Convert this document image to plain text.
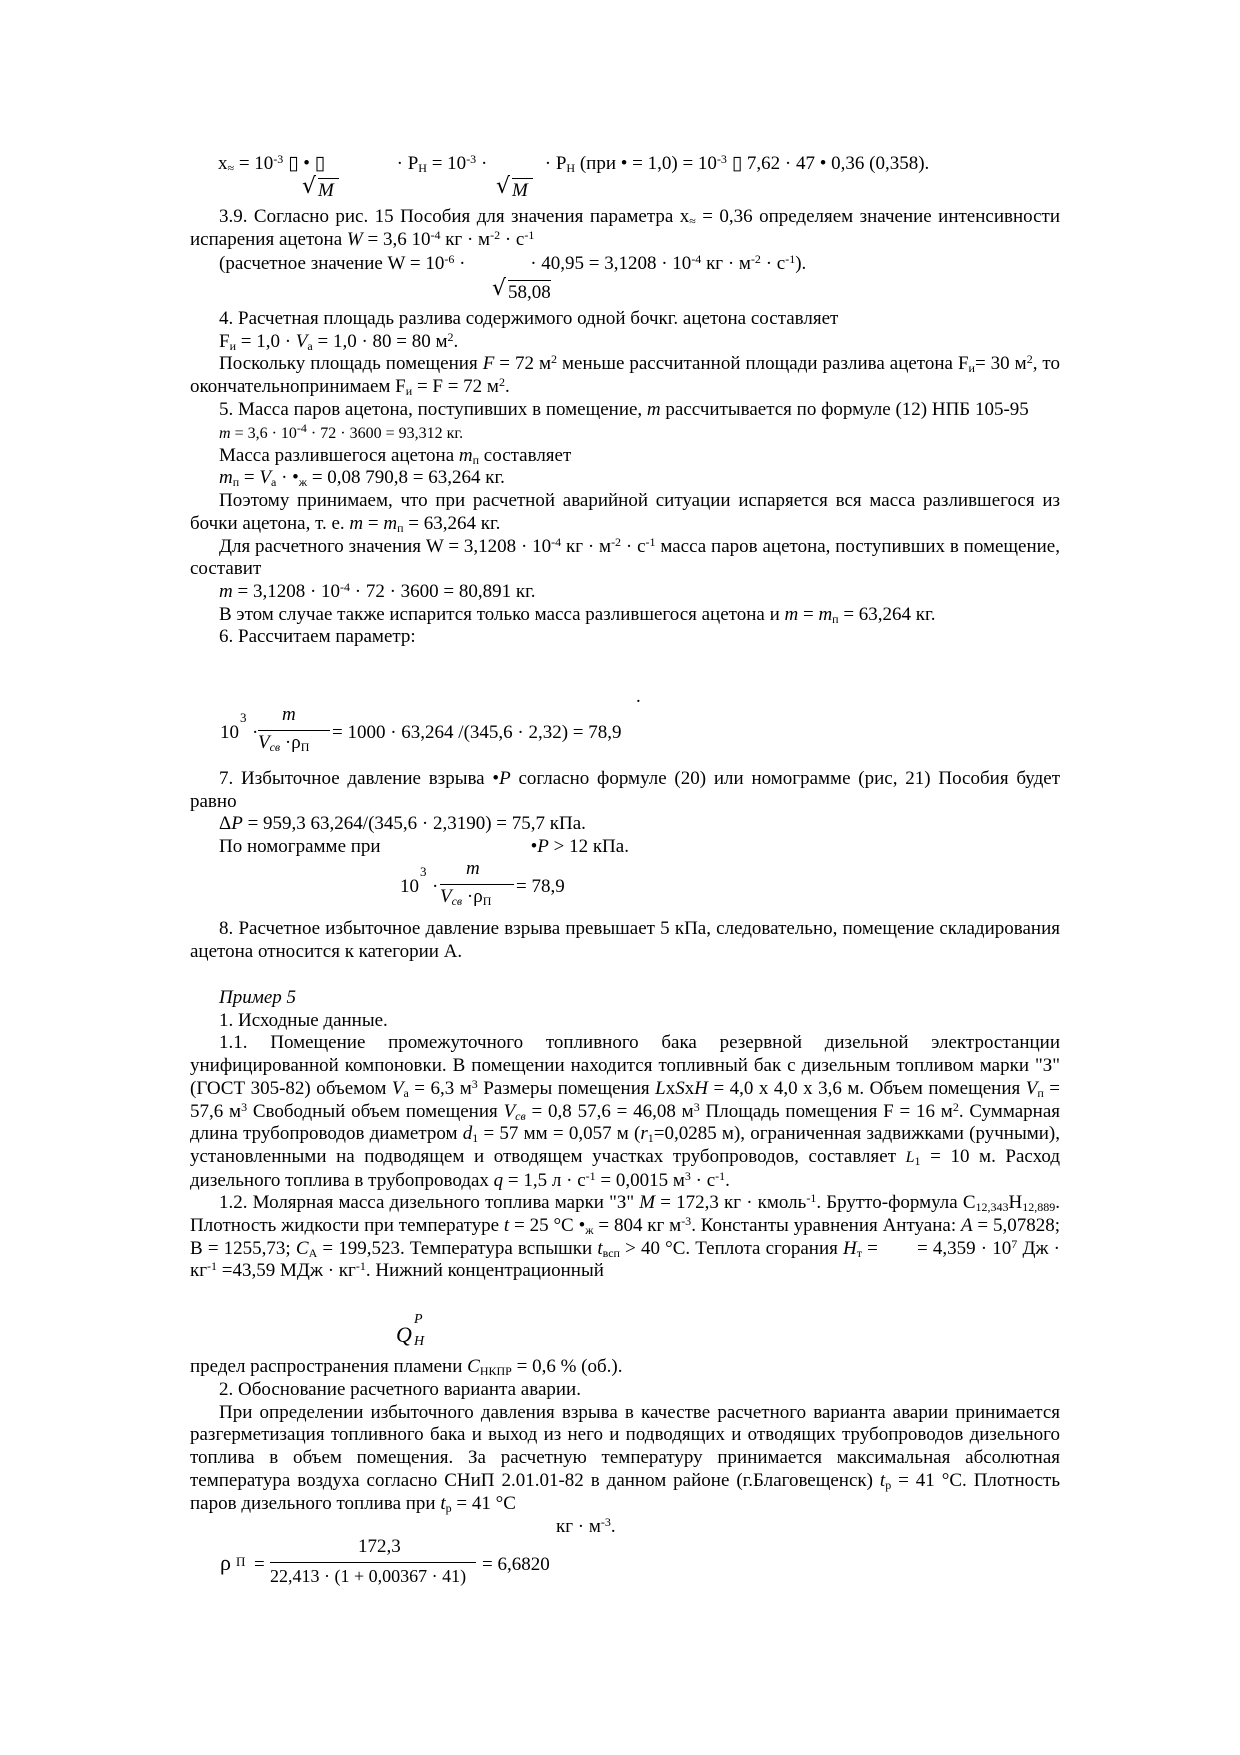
$x_\approx = 10^{-3}$ ▯ • ▯	· $P_Н = 10^{-3}$ ·	· $P_Н$ (при • = $1,0) = 10^{-3}$ ▯ 7,62 · 47 • 0,36 (0,358).
√ M	√ M
3.9. Согласно рис. 15 Пособия для значения параметра $x_\approx = 0,36$ определяем значение интенсивности испарения ацетона W = 3,6 $10^{-4}$ кг · $м^{-2} \cdot с^{-1}$
(расчетное значение $W = 10^{-6}$ ·	· $40,95 = 3,1208 \cdot 10^{-4}$ кг · $м^{-2} \cdot с^{-1}$).
√ 58,08

4. Расчетная площадь разлива содержимого одной бочкг. ацетона составляет

$F_и = 1,0 \cdot V_а = 1,0 \cdot 80 = 80$ $м^2$.

Поскольку площадь помещения F = 72 $м^2$ меньше рассчитанной площади разлива ацетона $F_и= 30$ $м^2$, то окончательнопринимаем $F_и = F = 72$ $м^2$.

5. Масса паров ацетона, поступивших в помещение, m рассчитывается по формуле (12) НПБ 105-95

$m = 3,6 \cdot 10^{-4} \cdot 72 \cdot 3600 = 93,312$ кг.

Масса разлившегося ацетона $m_п$ составляет

$m_п = V_а$ · $•_ж = 0,08$ 790,8 = 63,264 кг.

Поэтому принимаем, что при расчетной аварийной ситуации испаряется вся масса разлившегося из бочки ацетона, т. е. $m = m_п = 63,264$ кг.

Для расчетного значения $W = 3,1208 \cdot 10^{-4}$ кг · $м^{-2} \cdot с^{-1}$ масса паров ацетона, поступивших в помещение, составит

$m = 3,1208 \cdot 10^{-4} \cdot 72 \cdot 3600 = 80,891$ кг.

В этом случае также испарится только масса разлившегося ацетона и $m = m_п = 63,264$ кг.

6. Рассчитаем параметр:

.
10
3
·
m
$V_{св} \cdot\rho_П$
= 1000 · 63,264 /(345,6 · 2,32) = 78,9

7. Избыточное давление взрыва •P согласно формуле (20) или номограмме (рис, 21) Пособия будет равно

ΔP = 959,3 63,264/(345,6 · 2,3190) = 75,7 кПа.

По номограмме при	•P > 12 кПа.

10
3
·
m
$V_{св} \cdot\rho_П$
= 78,9

8. Расчетное избыточное давление взрыва превышает 5 кПа, следовательно, помещение складирования ацетона относится к категории А.

Пример 5

1. Исходные данные.

1.1. Помещение промежуточного топливного бака резервной дизельной электростанции унифицированной компоновки. В помещении находится топливный бак с дизельным топливом марки "З" (ГОСТ 305-82) объемом $V_а = 6,3$ $м^3$ Размеры помещения LxSxH = 4,0 х 4,0 х 3,6 м. Объем помещения $V_п = 57,6$ $м^3$ Свободный объем помещения $V_{св} = 0,8$ 57,6 = 46,08 $м^3$ Площадь помещения F = 16 $м^2$. Суммарная длина трубопроводов диаметром $d_1 = 57$ мм = 0,057 м ($r_1=0,0285$ м), ограниченная задвижками (ручными), установленными на подводящем и отводящем участках трубопроводов, составляет $L_1 = 10$ м. Расход дизельного топлива в трубопроводах q = 1,5 $л \cdot с^{-1} = 0,0015$ $м^3 \cdot с^{-1}$.

1.2. Молярная масса дизельного топлива марки "З" M = 172,3 кг · кмоль$^{-1}$. Брутто-формула $С_{12,343}Н_{12,889}$. Плотность жидкости при температуре t = 25 °С $•_ж = 804$ кг $м^{-3}$. Константы уравнения Антуана: A = 5,07828; В = 1255,73; $C_A = 199,523$. Температура вспышки $t_{всп} > 40$ °С. Теплота сгорания $H_т$ = = $4,359 \cdot 10^7$ Дж · $кг^{-1} =43,59$ МДж · $кг^{-1}$. Нижний концентрационный

Q
P
H

предел распространения пламени $C_{НКПР} = 0,6$ % (об.).

2. Обоснование расчетного варианта аварии.

При определении избыточного давления взрыва в качестве расчетного варианта аварии принимается разгерметизация топливного бака и выход из него и подводящих и отводящих трубопроводов дизельного топлива в объем помещения. За расчетную температуру принимается максимальная абсолютная температура воздуха согласно СНиП 2.01.01-82 в данном районе (г.Благовещенск) $t_р = 41$ °С. Плотность паров дизельного топлива при $t_р = 41$ °С

кг · $м^{-3}$.
ρ П =
172,3
22,413 · (1 + 0,00367 · 41)
= 6,6820
